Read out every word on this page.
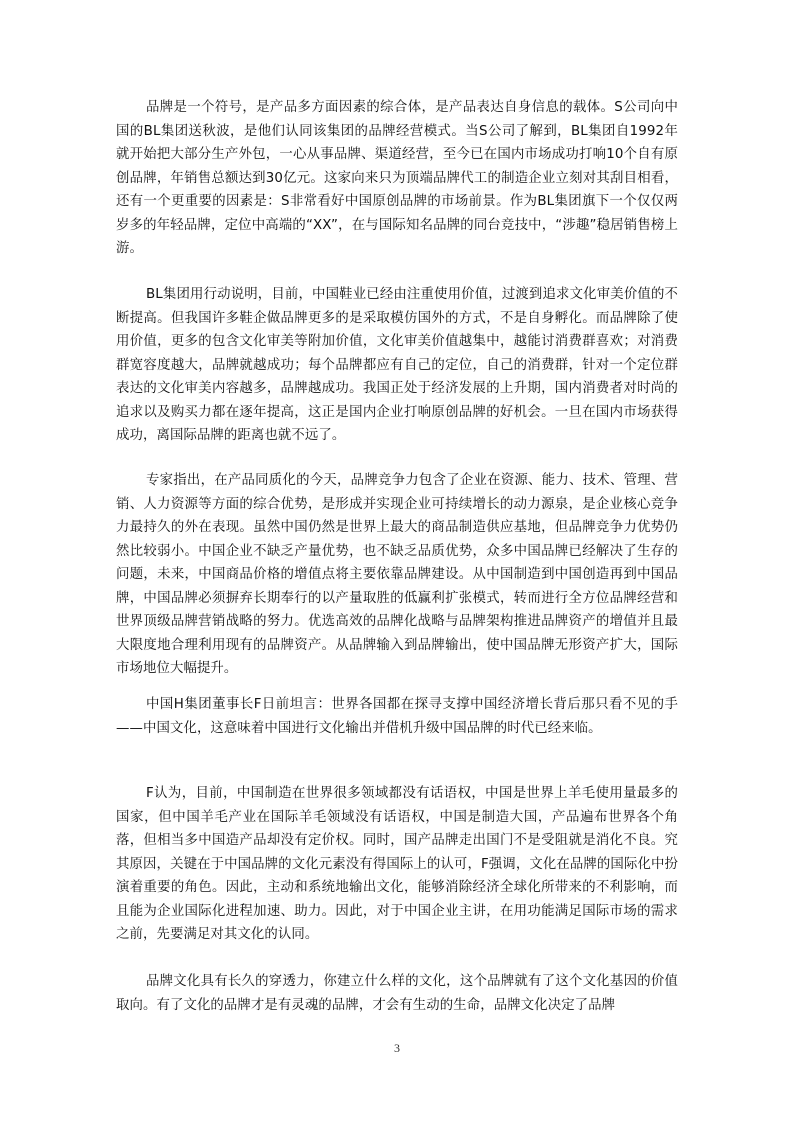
品牌是一个符号，是产品多方面因素的综合体，是产品表达自身信息的载体。S公司向中国的BL集团送秋波，是他们认同该集团的品牌经营模式。当S公司了解到，BL集团自1992年就开始把大部分生产外包，一心从事品牌、渠道经营，至今已在国内市场成功打响10个自有原创品牌，年销售总额达到30亿元。这家向来只为顶端品牌代工的制造企业立刻对其刮目相看，还有一个更重要的因素是：S非常看好中国原创品牌的市场前景。作为BL集团旗下一个仅仅两岁多的年轻品牌，定位中高端的“XX”，在与国际知名品牌的同台竞技中，“涉趣”稳居销售榜上游。

BL集团用行动说明，目前，中国鞋业已经由注重使用价值，过渡到追求文化审美价值的不断提高。但我国许多鞋企做品牌更多的是采取模仿国外的方式，不是自身孵化。而品牌除了使用价值，更多的包含文化审美等附加价值，文化审美价值越集中，越能讨消费群喜欢；对消费群宽容度越大，品牌就越成功；每个品牌都应有自己的定位，自己的消费群，针对一个定位群表达的文化审美内容越多，品牌越成功。我国正处于经济发展的上升期，国内消费者对时尚的追求以及购买力都在逐年提高，这正是国内企业打响原创品牌的好机会。一旦在国内市场获得成功，离国际品牌的距离也就不远了。

专家指出，在产品同质化的今天，品牌竞争力包含了企业在资源、能力、技术、管理、营销、人力资源等方面的综合优势，是形成并实现企业可持续增长的动力源泉，是企业核心竞争力最持久的外在表现。虽然中国仍然是世界上最大的商品制造供应基地，但品牌竞争力优势仍然比较弱小。中国企业不缺乏产量优势，也不缺乏品质优势，众多中国品牌已经解决了生存的问题，未来，中国商品价格的增值点将主要依靠品牌建设。从中国制造到中国创造再到中国品牌，中国品牌必须摒弃长期奉行的以产量取胜的低赢利扩张模式，转而进行全方位品牌经营和世界顶级品牌营销战略的努力。优选高效的品牌化战略与品牌架构推进品牌资产的增值并且最大限度地合理利用现有的品牌资产。从品牌输入到品牌输出，使中国品牌无形资产扩大，国际市场地位大幅提升。

中国H集团董事长F日前坦言：世界各国都在探寻支撑中国经济增长背后那只看不见的手——中国文化，这意味着中国进行文化输出并借机升级中国品牌的时代已经来临。

F认为，目前，中国制造在世界很多领域都没有话语权，中国是世界上羊毛使用量最多的国家，但中国羊毛产业在国际羊毛领域没有话语权，中国是制造大国，产品遍布世界各个角落，但相当多中国造产品却没有定价权。同时，国产品牌走出国门不是受阻就是消化不良。究其原因，关键在于中国品牌的文化元素没有得国际上的认可，F强调，文化在品牌的国际化中扮演着重要的角色。因此，主动和系统地输出文化，能够消除经济全球化所带来的不利影响，而且能为企业国际化进程加速、助力。因此，对于中国企业主讲，在用功能满足国际市场的需求之前，先要满足对其文化的认同。

品牌文化具有长久的穿透力，你建立什么样的文化，这个品牌就有了这个文化基因的价值取向。有了文化的品牌才是有灵魂的品牌，才会有生动的生命，品牌文化决定了品牌

3
